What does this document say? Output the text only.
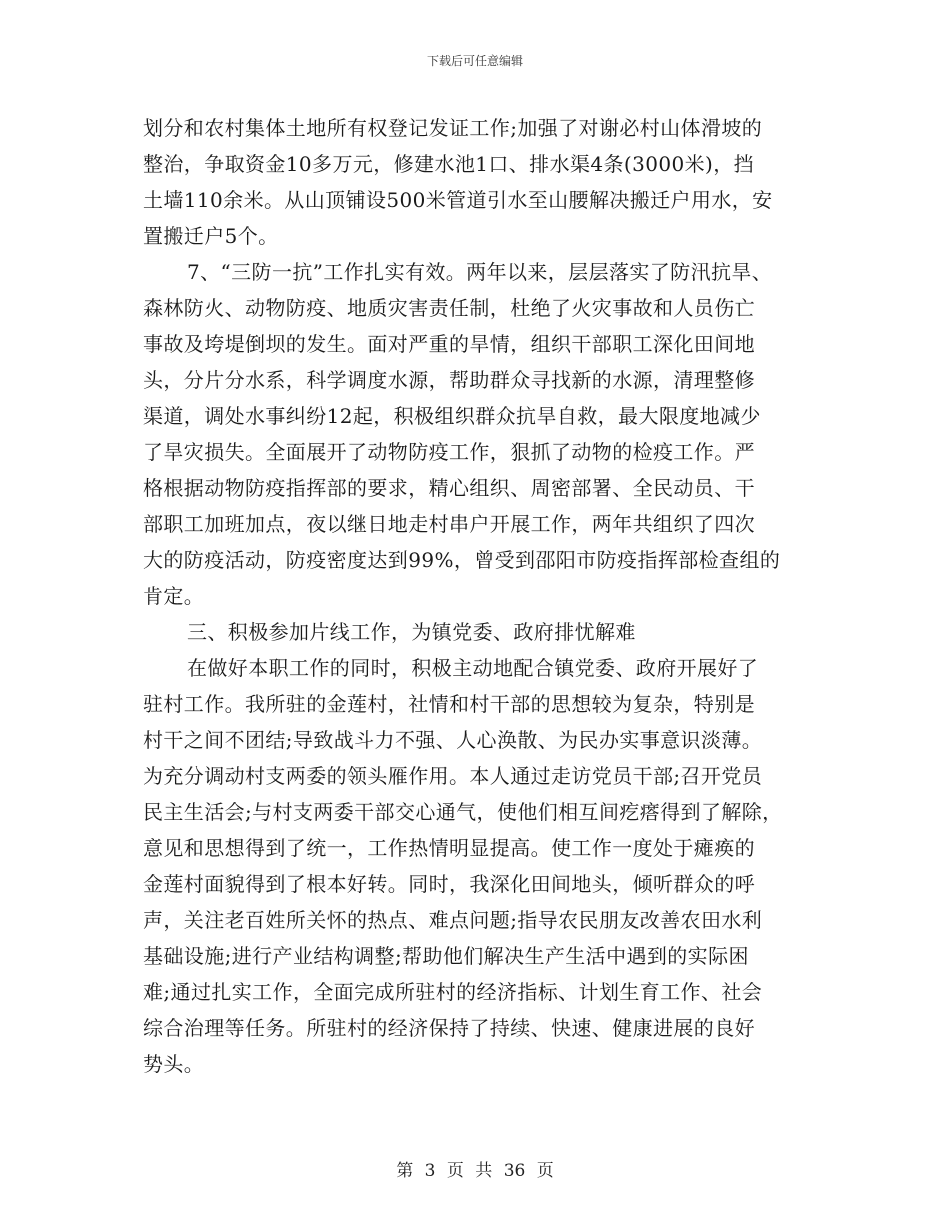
下载后可任意编辑
划分和农村集体土地所有权登记发证工作;加强了对谢必村山体滑坡的
整治，争取资金10多万元，修建水池1口、排水渠4条(3000米)，挡
土墙110余米。从山顶铺设500米管道引水至山腰解决搬迁户用水，安
置搬迁户5个。
7、“三防一抗”工作扎实有效。两年以来，层层落实了防汛抗旱、
森林防火、动物防疫、地质灾害责任制，杜绝了火灾事故和人员伤亡
事故及垮堤倒坝的发生。面对严重的旱情，组织干部职工深化田间地
头，分片分水系，科学调度水源，帮助群众寻找新的水源，清理整修
渠道，调处水事纠纷12起，积极组织群众抗旱自救，最大限度地减少
了旱灾损失。全面展开了动物防疫工作，狠抓了动物的检疫工作。严
格根据动物防疫指挥部的要求，精心组织、周密部署、全民动员、干
部职工加班加点，夜以继日地走村串户开展工作，两年共组织了四次
大的防疫活动，防疫密度达到99%，曾受到邵阳市防疫指挥部检查组的
肯定。
三、积极参加片线工作，为镇党委、政府排忧解难
在做好本职工作的同时，积极主动地配合镇党委、政府开展好了
驻村工作。我所驻的金莲村，社情和村干部的思想较为复杂，特别是
村干之间不团结;导致战斗力不强、人心涣散、为民办实事意识淡薄。
为充分调动村支两委的领头雁作用。本人通过走访党员干部;召开党员
民主生活会;与村支两委干部交心通气，使他们相互间疙瘩得到了解除，
意见和思想得到了统一，工作热情明显提高。使工作一度处于瘫痪的
金莲村面貌得到了根本好转。同时，我深化田间地头，倾听群众的呼
声，关注老百姓所关怀的热点、难点问题;指导农民朋友改善农田水利
基础设施;进行产业结构调整;帮助他们解决生产生活中遇到的实际困
难;通过扎实工作，全面完成所驻村的经济指标、计划生育工作、社会
综合治理等任务。所驻村的经济保持了持续、快速、健康进展的良好
势头。
第 3 页 共 36 页
